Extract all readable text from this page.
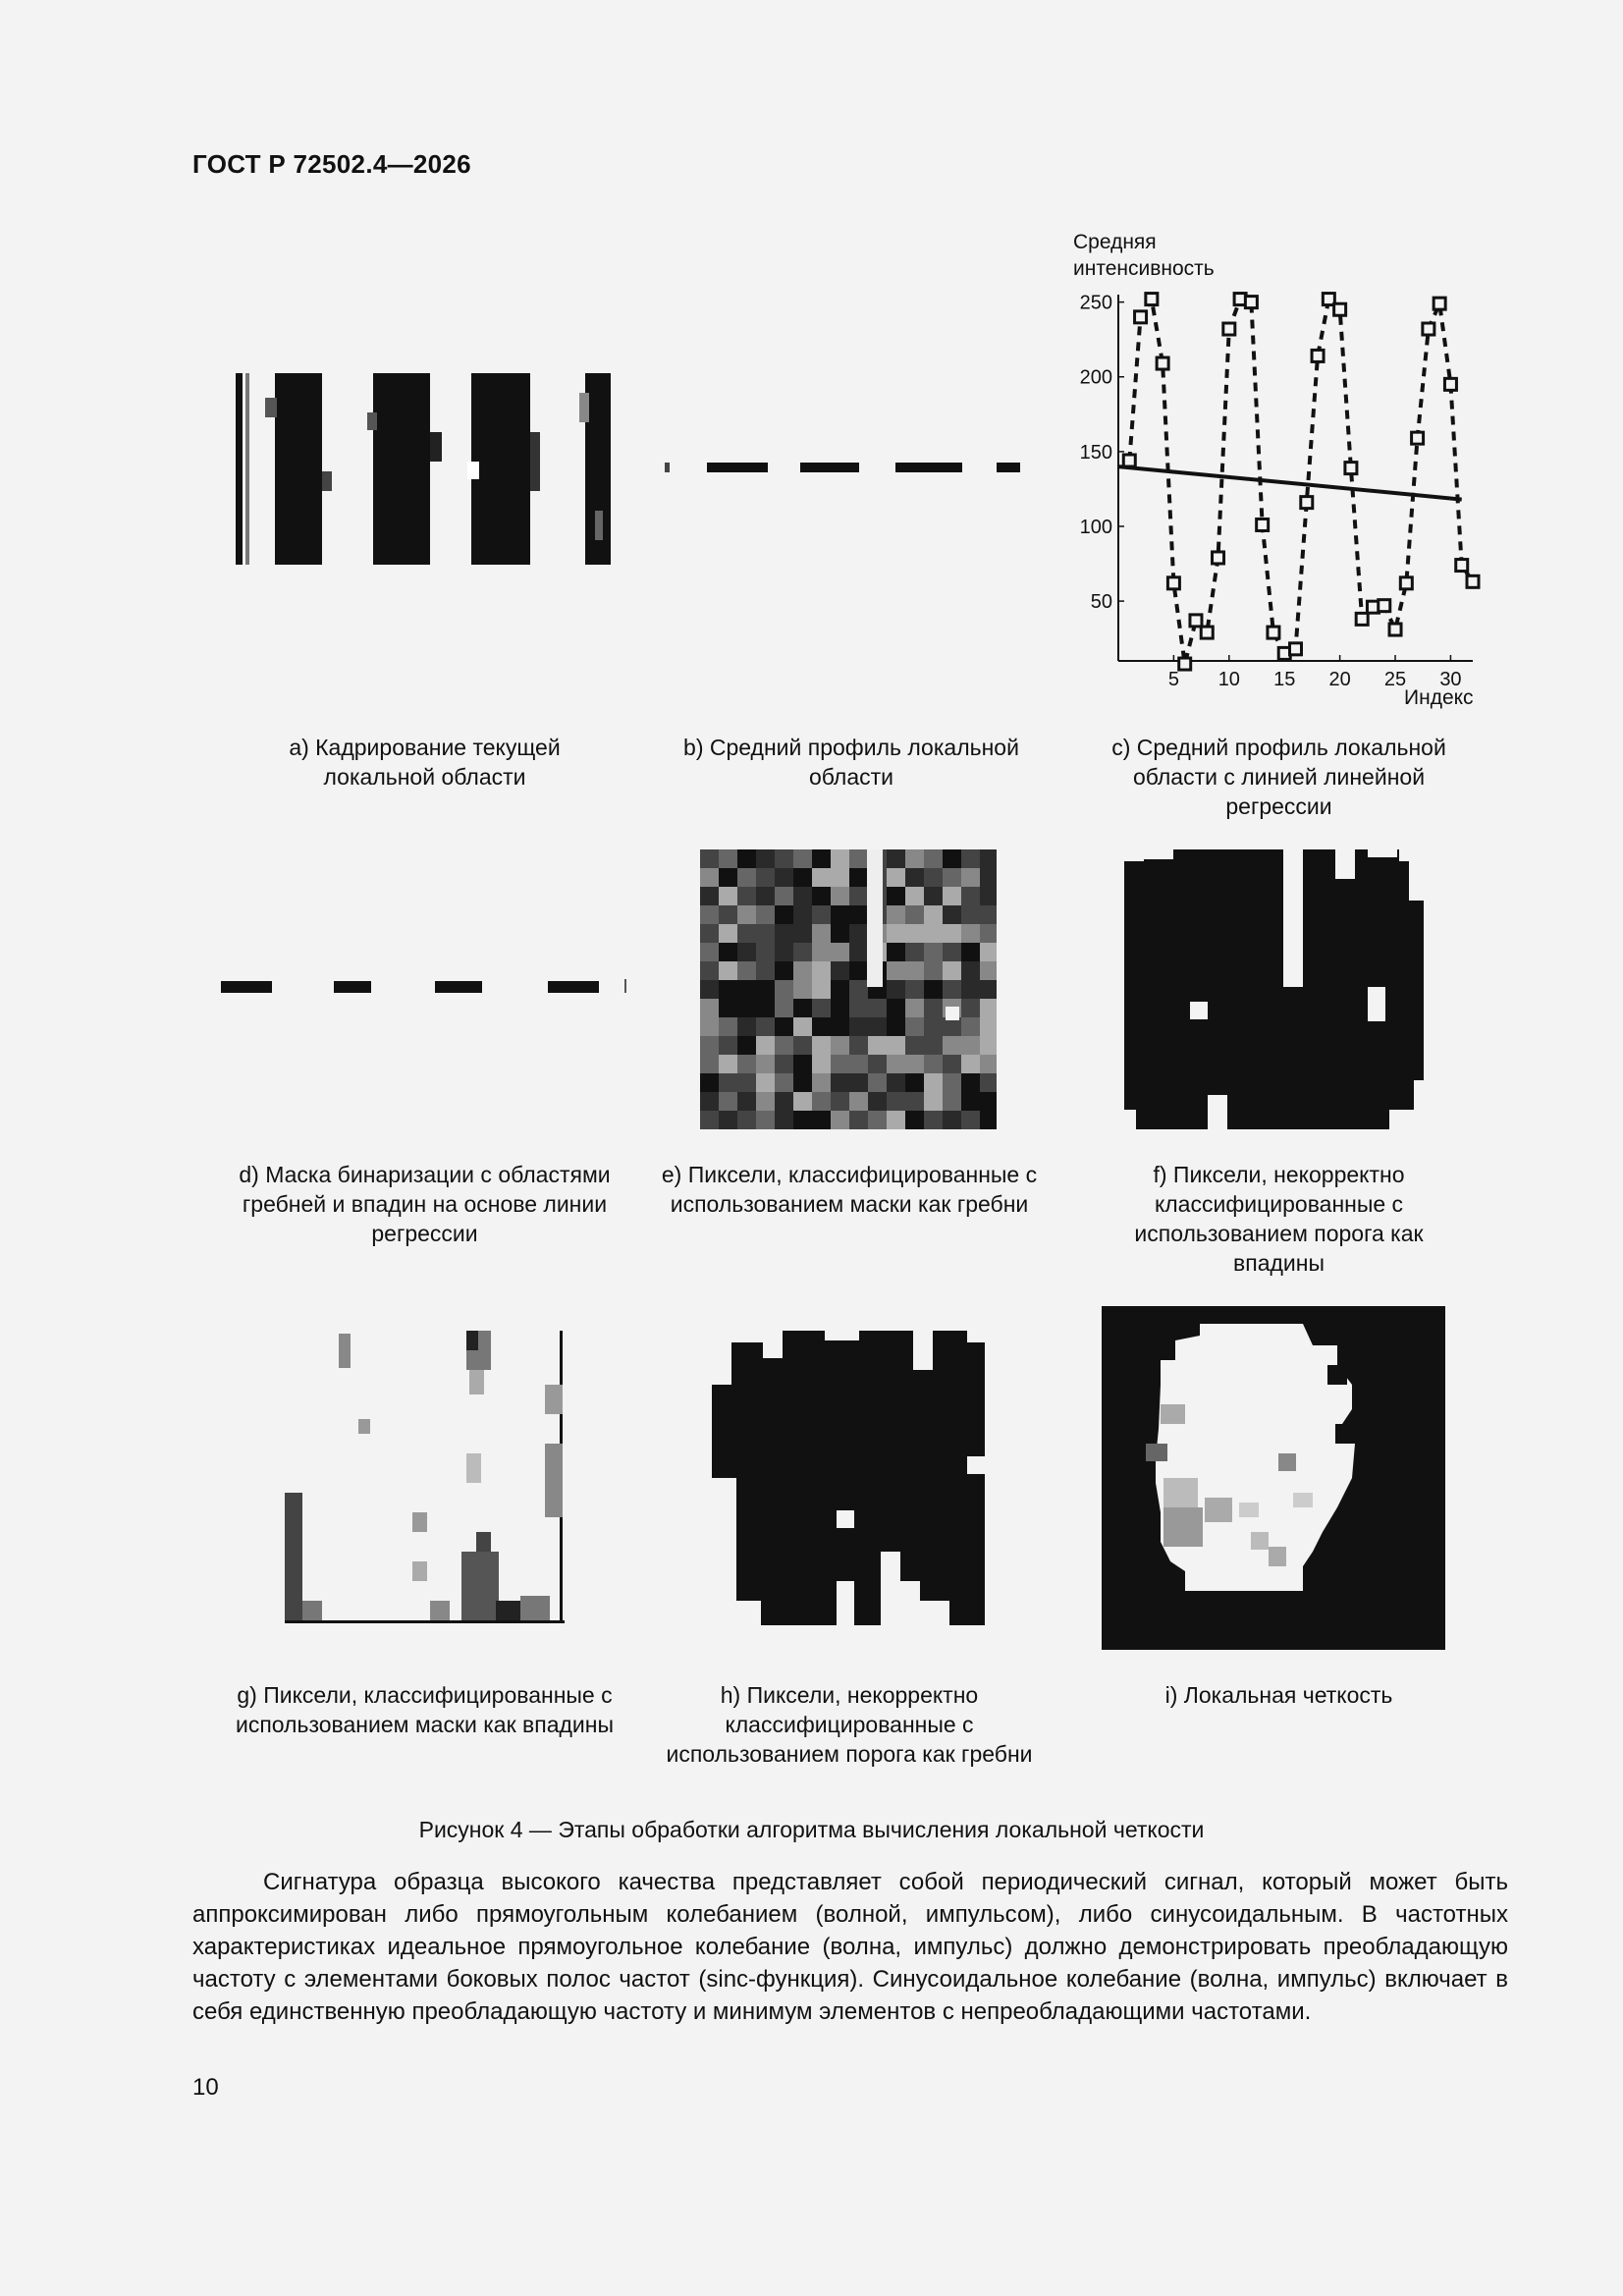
ГОСТ Р 72502.4—2026
Средняя
интенсивность
Индекс
50
100
150
200
250
5 10 15 20 25 30
а) Кадрирование текущей локальной области
b) Средний профиль локальной области
c) Средний профиль локальной области с линией линейной регрессии
d) Маска бинаризации с областями гребней и впадин на основе линии регрессии
e) Пиксели, классифицированные с использованием маски как гребни
f) Пиксели, некорректно классифицированные с использованием порога как впадины
g) Пиксели, классифицированные с использованием маски как впадины
h) Пиксели, некорректно классифицированные с использованием порога как гребни
i) Локальная четкость
Рисунок 4 — Этапы обработки алгоритма вычисления локальной четкости
Сигнатура образца высокого качества представляет собой периодический сигнал, который может быть аппроксимирован либо прямоугольным колебанием (волной, импульсом), либо синусоидальным. В частотных характеристиках идеальное прямоугольное колебание (волна, импульс) должно демонстрировать преобладающую частоту с элементами боковых полос частот (sinc-функция). Синусоидальное колебание (волна, импульс) включает в себя единственную преобладающую частоту и минимум элементов с непреобладающими частотами.
10
